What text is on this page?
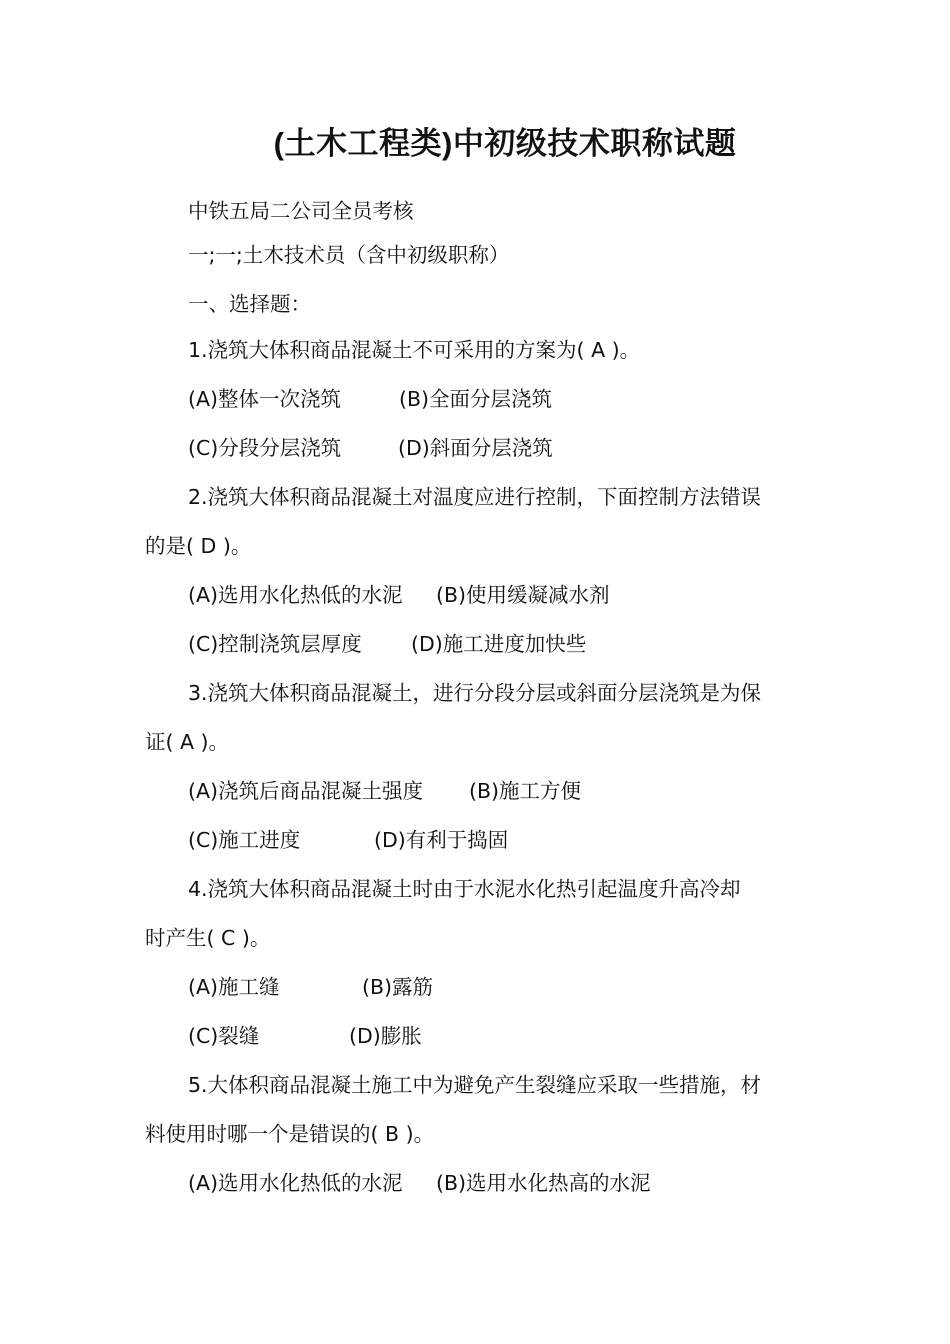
(土木工程类)中初级技术职称试题
中铁五局二公司全员考核
一;一;土木技术员（含中初级职称）
一、选择题：
1.浇筑大体积商品混凝土不可采用的方案为( A )。
(A)整体一次浇筑	(B)全面分层浇筑
(C)分段分层浇筑	(D)斜面分层浇筑
2.浇筑大体积商品混凝土对温度应进行控制，下面控制方法错误
的是( D )。
(A)选用水化热低的水泥 (B)使用缓凝减水剂
(C)控制浇筑层厚度 (D)施工进度加快些
3.浇筑大体积商品混凝土，进行分段分层或斜面分层浇筑是为保
证( A )。
(A)浇筑后商品混凝土强度 (B)施工方便
(C)施工进度	(D)有利于捣固
4.浇筑大体积商品混凝土时由于水泥水化热引起温度升高冷却
时产生( C )。
(A)施工缝	(B)露筋
(C)裂缝	(D)膨胀
5.大体积商品混凝土施工中为避免产生裂缝应采取一些措施，材
料使用时哪一个是错误的( B )。
(A)选用水化热低的水泥 (B)选用水化热高的水泥
